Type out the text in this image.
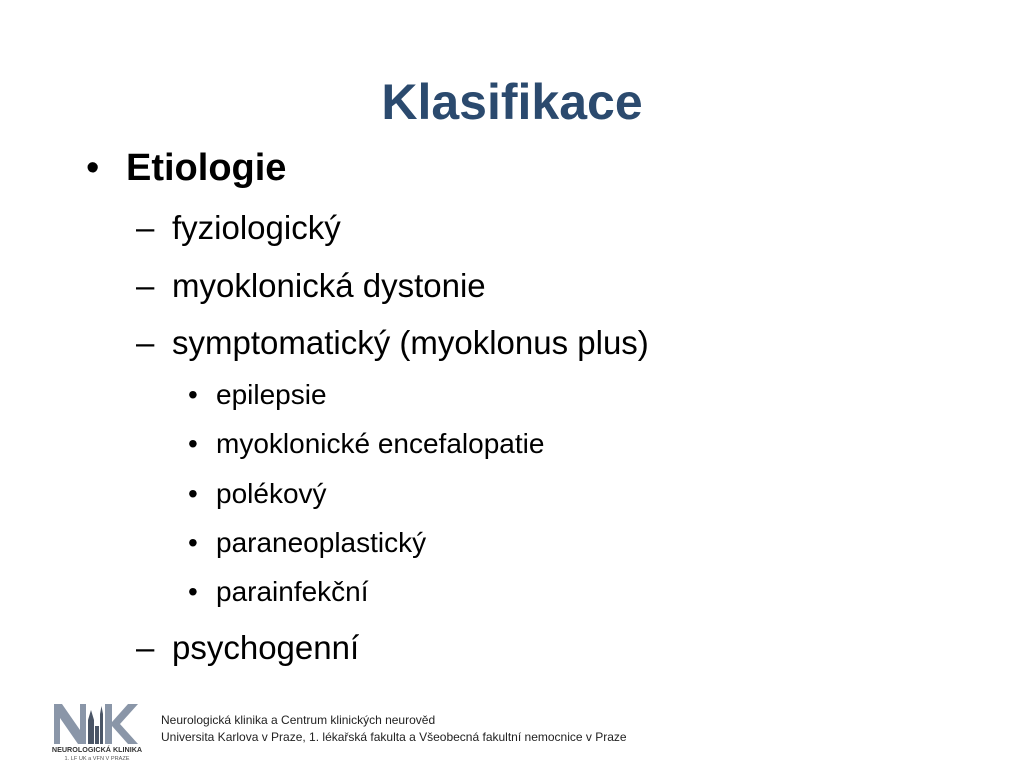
Klasifikace
• Etiologie
– fyziologický
– myoklonická dystonie
– symptomatický (myoklonus plus)
• epilepsie
• myoklonické encefalopatie
• polékový
• paraneoplastický
• parainfekční
– psychogenní
NEUROLOGICKÁ KLINIKA
1. LF UK a VFN V PRAZE
Neurologická klinika a Centrum klinických neurověd
Universita Karlova v Praze, 1. lékařská fakulta a Všeobecná fakultní nemocnice v Praze
